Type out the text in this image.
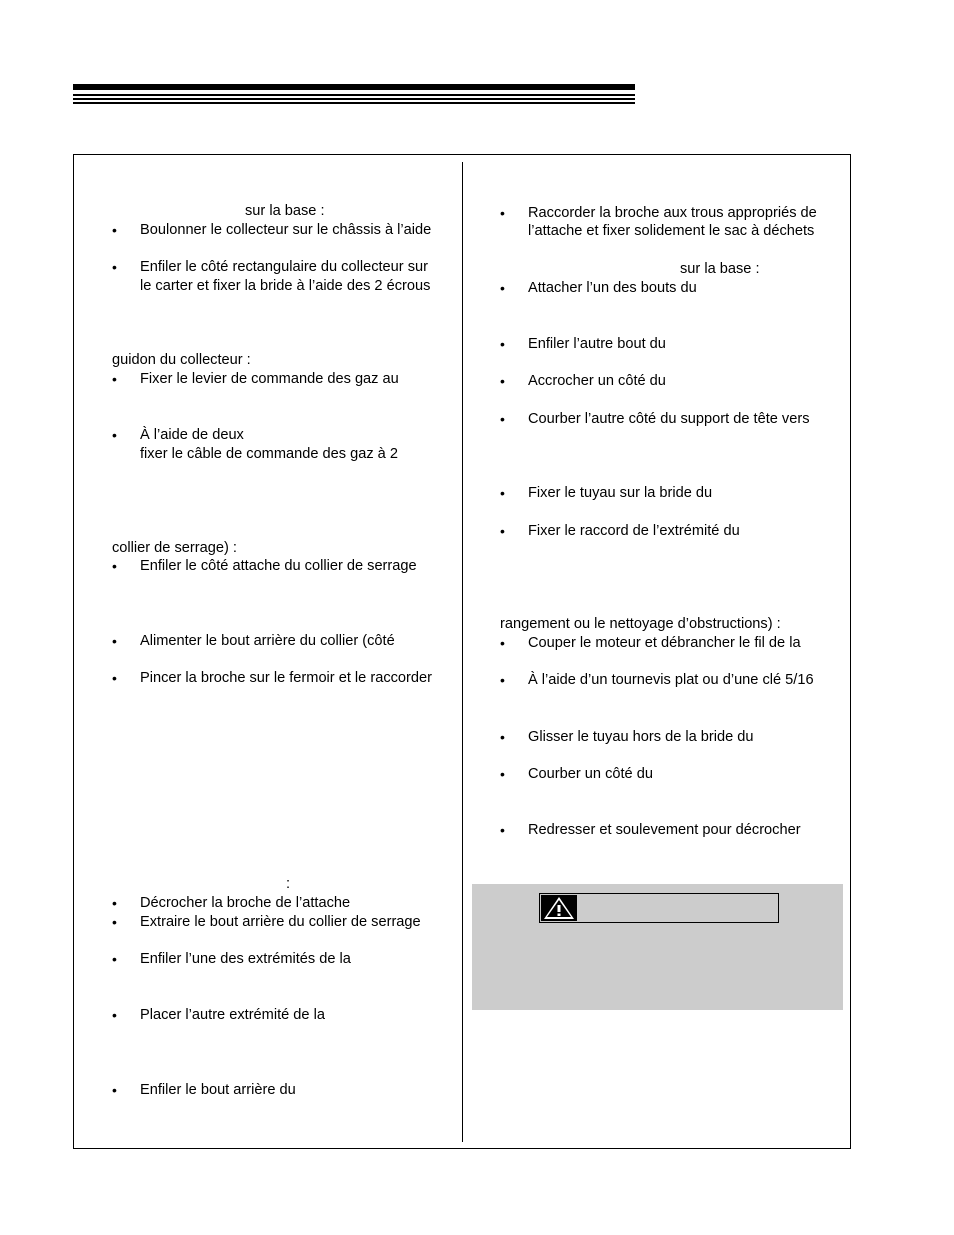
sur la base :
• Boulonner le collecteur sur le châssis à l’aide
• Enfiler le côté rectangulaire du collecteur sur
le carter et fixer la bride à l’aide des 2 écrous
guidon du collecteur :
• Fixer le levier de commande des gaz au
• À l’aide de deux
fixer le câble de commande des gaz à 2
collier de serrage) :
• Enfiler le côté attache du collier de serrage
• Alimenter le bout arrière du collier (côté
• Pincer la broche sur le fermoir et le raccorder
:
• Décrocher la broche de l’attache
• Extraire le bout arrière du collier de serrage
• Enfiler l’une des extrémités de la
• Placer l’autre extrémité de la
• Enfiler le bout arrière du
• Raccorder la broche aux trous appropriés de
l’attache et fixer solidement le sac à déchets
sur la base :
• Attacher l’un des bouts du
• Enfiler l’autre bout du
• Accrocher un côté du
• Courber l’autre côté du support de tête vers
• Fixer le tuyau sur la bride du
• Fixer le raccord de l’extrémité du
rangement ou le nettoyage d’obstructions) :
• Couper le moteur et débrancher le fil de la
• À l’aide d’un tournevis plat ou d’une clé 5/16
• Glisser le tuyau hors de la bride du
• Courber un côté du
• Redresser et soulevement pour décrocher
